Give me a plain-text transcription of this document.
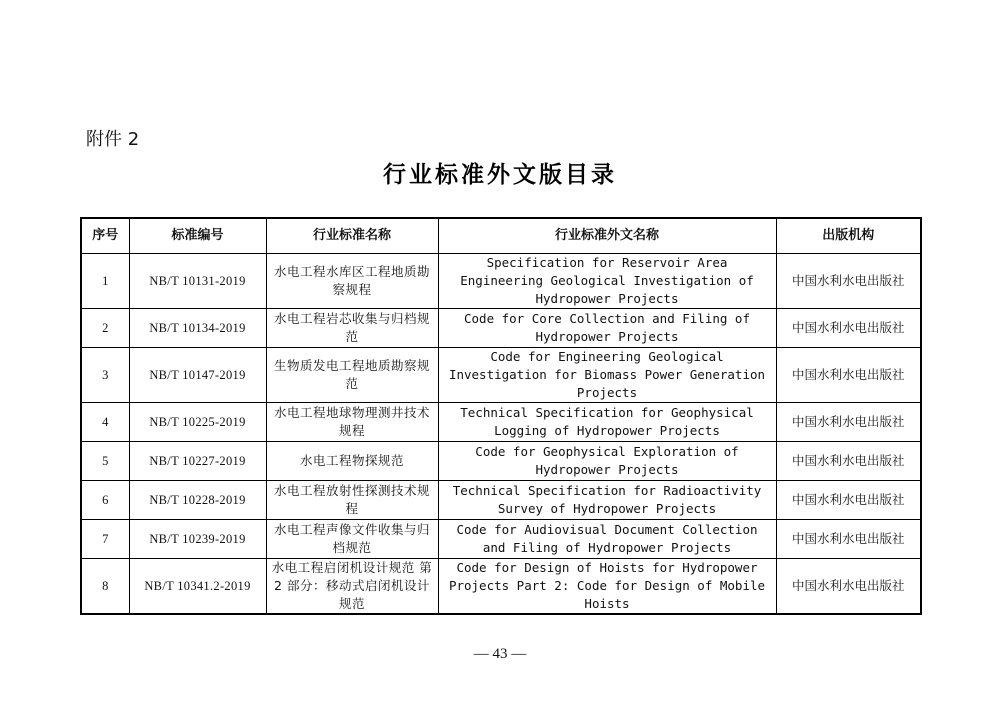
附件 2
行业标准外文版目录
序号	标准编号	行业标准名称	行业标准外文名称	出版机构
1	NB/T 10131-2019	水电工程水库区工程地质勘察规程	Specification for Reservoir Area Engineering Geological Investigation of Hydropower Projects	中国水利水电出版社
2	NB/T 10134-2019	水电工程岩芯收集与归档规范	Code for Core Collection and Filing of Hydropower Projects	中国水利水电出版社
3	NB/T 10147-2019	生物质发电工程地质勘察规范	Code for Engineering Geological Investigation for Biomass Power Generation Projects	中国水利水电出版社
4	NB/T 10225-2019	水电工程地球物理测井技术规程	Technical Specification for Geophysical Logging of Hydropower Projects	中国水利水电出版社
5	NB/T 10227-2019	水电工程物探规范	Code for Geophysical Exploration of Hydropower Projects	中国水利水电出版社
6	NB/T 10228-2019	水电工程放射性探测技术规程	Technical Specification for Radioactivity Survey of Hydropower Projects	中国水利水电出版社
7	NB/T 10239-2019	水电工程声像文件收集与归档规范	Code for Audiovisual Document Collection and Filing of Hydropower Projects	中国水利水电出版社
8	NB/T 10341.2-2019	水电工程启闭机设计规范 第 2 部分：移动式启闭机设计规范	Code for Design of Hoists for Hydropower Projects Part 2: Code for Design of Mobile Hoists	中国水利水电出版社
— 43 —
